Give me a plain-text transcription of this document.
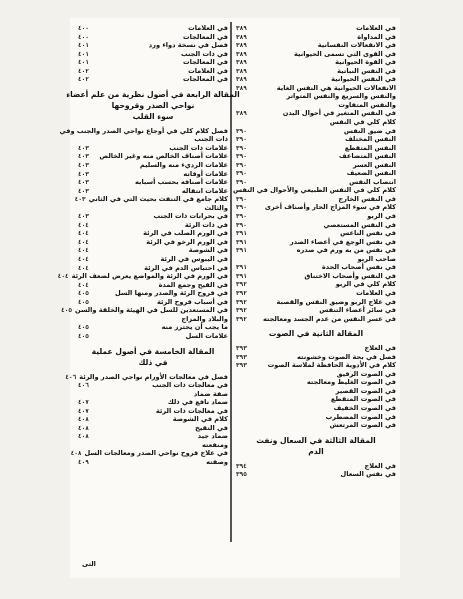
في العلامات
٣٨٩
في المداواة
٣٨٩
في الانفعالات النفسانية
٣٨٩
في القوى التي تسمى الحيوانية
٣٨٩
في القوة الحيوانية
٣٨٩
في النفس النباتية
٣٨٩
في النفس الحيوانية
٣٨٩
الانفعالات الحيوانية هي النفس الغاية
٣٨٩
والنفس والسريع والنفس المتواتر
والنفس المتفاوت
في النفس المتغير في أحوال البدن
٣٨٩
كلام كلي في النفس
في ضيق النفس
٣٩٠
النفس المختلف
٣٩٠
النفس المتقطع
٣٩٠
النفس المتضاعف
٣٩٠
النفس العسر
٣٩٠
النفس الضعيف
٣٩٠
انتصاب النفس
٣٩٠
كلام كلي في النفس الطبيعي والأحوال في النفس
في النفس الخارج
٣٩٠
كلام في سوء المزاج الحار وأصناف أخرى
٣٩٠
في الربو
٣٩٠
في النفس المستعصي
٣٩٠
في نفس الناعس
٣٩١
في نفس الوجع في أعضاء الصدر
٣٩١
في نفس من به ورم في صدره
٣٩١
صاحب الربو
في نفس أصحاب الحدة
٣٩١
في النفس وأصحاب الاختناق
٣٩١
كلام كلي في الربو
٣٩٢
في العلامات
٣٩٢
في علاج الربو وضيق النفس والقصبة
٣٩٢
في سائر أعضاء التنفس
٣٩٢
في عسر النفس من عدم الجسد ومعالجته
٣٩٢
المقالة الثانية في الصوت
في العلاج
٣٩٣
فصل في بحة الصوت وخشونته
٣٩٣
كلام في الأدوية الحافظة لملاسة الصوت
٣٩٣
في الصوت الرقيق
في الصوت الغليظ ومعالجته
في الصوت القصير
في الصوت المتقطع
في الصوت الخفيف
في الصوت المضطرب
في الصوت المرتعش
المقالة الثالثة في السعال ونفث
الدم
في العلاج
٣٩٤
في نفس السعال
٣٩٥
في العلامات
٤٠٠
في المعالجات
٤٠٠
فصل في نسخة دواء ورد
٤٠١
في ذات الجنب
٤٠١
في المعالجات
٤٠١
في العلامات
٤٠٢
في المعالجات
٤٠٢
المقالة الرابعة في أصول نظرية من علم أعضاء
نواحي الصدر وقروحها
سوء القلب
فصل كلام كلي في أوجاع نواحي الصدر والجنب وفي
ذات الجنب
علامات ذات الجنب
٤٠٣
علامات أصناف الخالص منه وغير الخالص
٤٠٣
علامات الرديء منه والسليم
٤٠٣
علامات أوقاته
٤٠٣
علامات أصنافه بحسب أسبابه
٤٠٣
علامات انتقاله
٤٠٣
كلام جامع في التنفث بحيث التي في الثاني
٤٠٣
والثالث
في بحرانات ذات الجنب
٤٠٣
في ذات الرئة
٤٠٤
في الورم الصلب في الرئة
٤٠٤
في الورم الرخو في الرئة
٤٠٤
في الشوصة
٤٠٤
في اليبوس في الرئة
٤٠٤
في احتباس الدم في الرئة
٤٠٤
في الورم في الرئة والمواضع يعرض لضعف الرئة
٤٠٤
في القيح وجمع المدة
٤٠٤
في قروح الرئة والصدر ومنها السل
٤٠٥
في أسباب قروح الرئة
٤٠٥
في المستعدين للسل في الهيئة والخلقة والسن
٤٠٥
والبلاد والمزاج
ما يجب أن يحترز منه
٤٠٥
علامات السل
٤٠٥
المقالة الخامسة في أصول عملية
في ذلك
فصل في معالجات الأورام نواحي الصدر والرئة
٤٠٦
في معالجات ذات الجنب
٤٠٦
صفة ضماد
ضماد نافع في ذلك
٤٠٧
في معالجات ذات الرئة
٤٠٧
كلام في الشوصة
٤٠٨
في التقيح
٤٠٨
ضماد جيد
٤٠٨
ومنفعته
في علاج قروح نواحي الصدر ومعالجات السل
٤٠٨
وصفته
٤٠٩
التى
